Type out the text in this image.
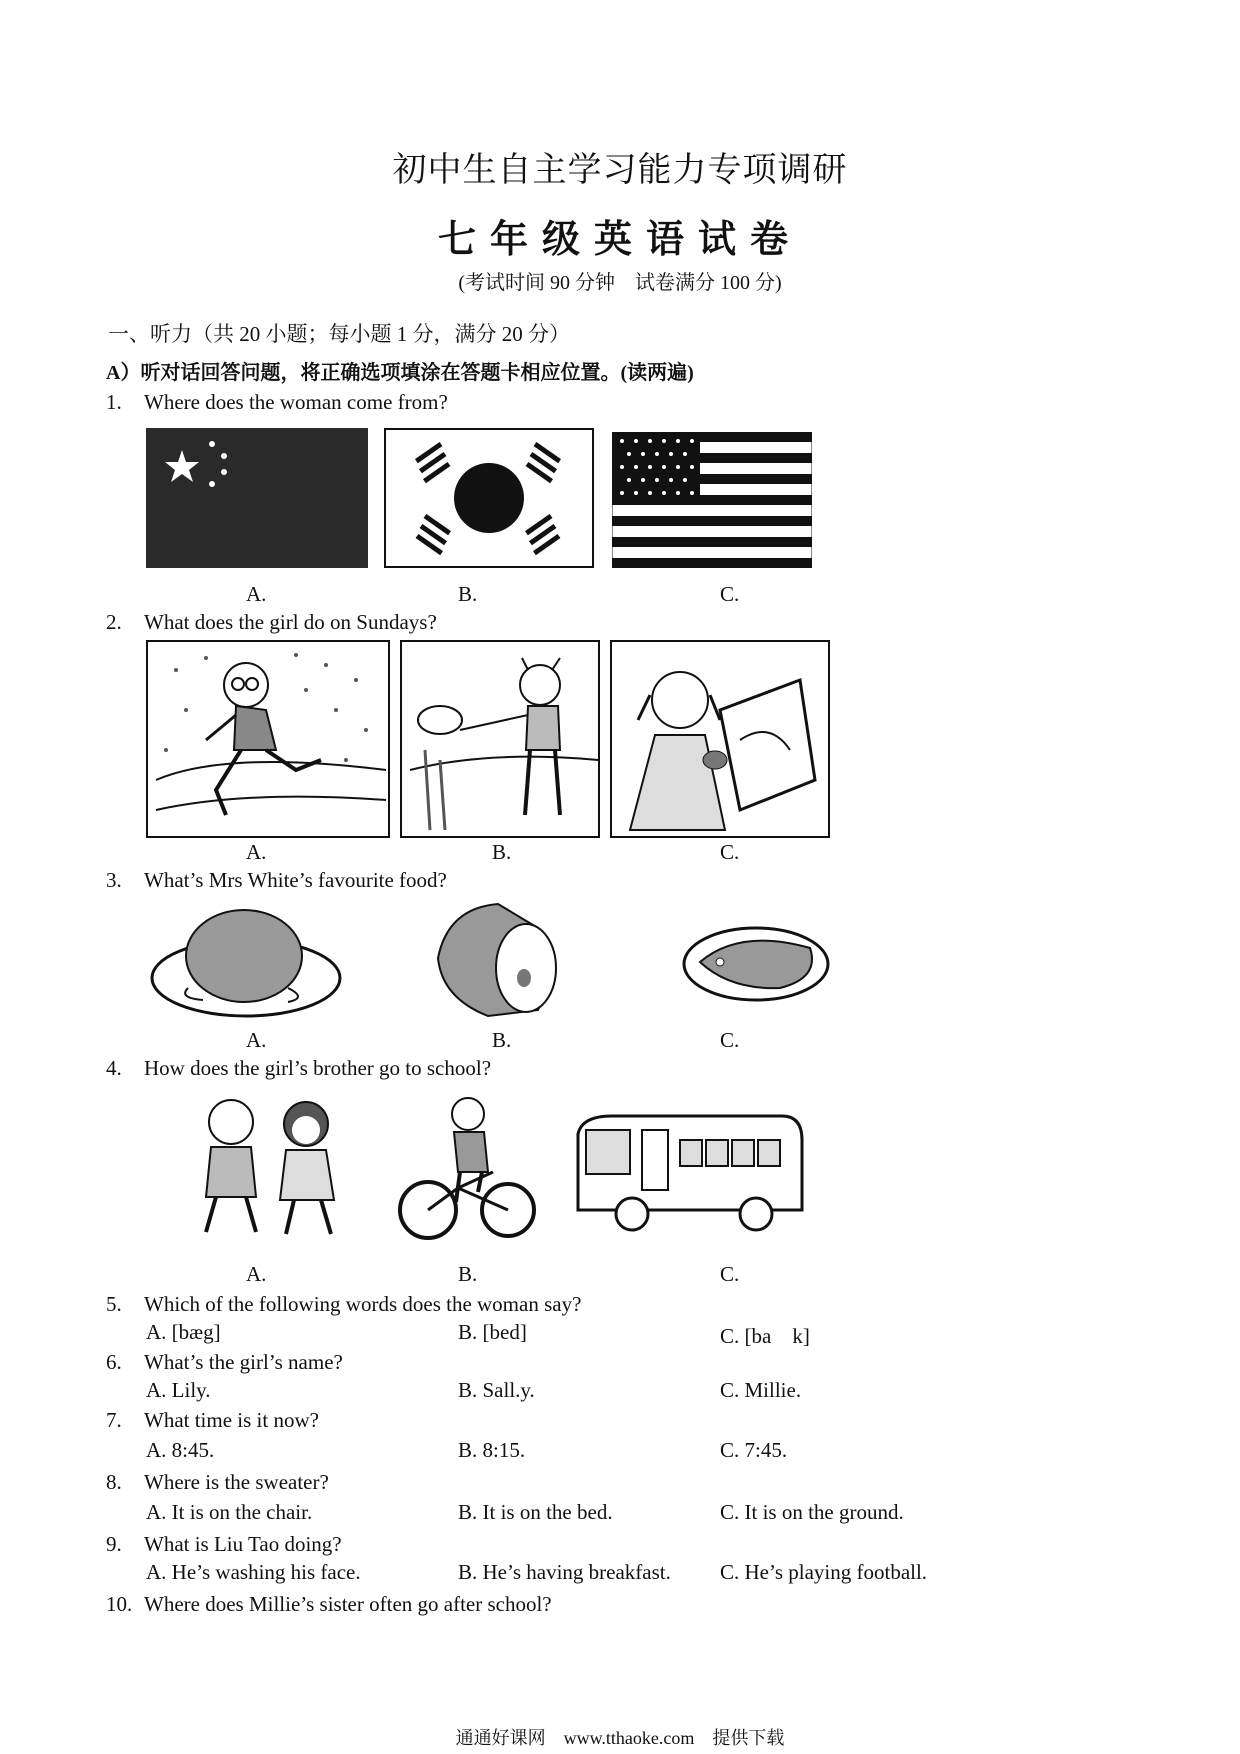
初中生自主学习能力专项调研
七年级英语试卷
(考试时间 90 分钟　试卷满分 100 分)
一、听力（共 20 小题；每小题 1 分，满分 20 分）
A）听对话回答问题，将正确选项填涂在答题卡相应位置。(读两遍)
1. Where does the woman come from?
A.	B.	C.
2. What does the girl do on Sundays?
A.	B.	C.
3. What’s Mrs White’s favourite food?
A.	B.	C.
4. How does the girl’s brother go to school?
A.	B.	C.
5. Which of the following words does the woman say?
A. [bæg]	B. [bed]	C. [ba　k]
6. What’s the girl’s name?
A. Lily.	B. Sall.y.	C. Millie.
7. What time is it now?
A. 8:45.	B. 8:15.	C. 7:45.
8. Where is the sweater?
A. It is on the chair.	B. It is on the bed.	C. It is on the ground.
9. What is Liu Tao doing?
A. He’s washing his face.	B. He’s having breakfast. C. He’s playing football.
10. Where does Millie’s sister often go after school?
通通好课网　www.tthaoke.com　提供下载
